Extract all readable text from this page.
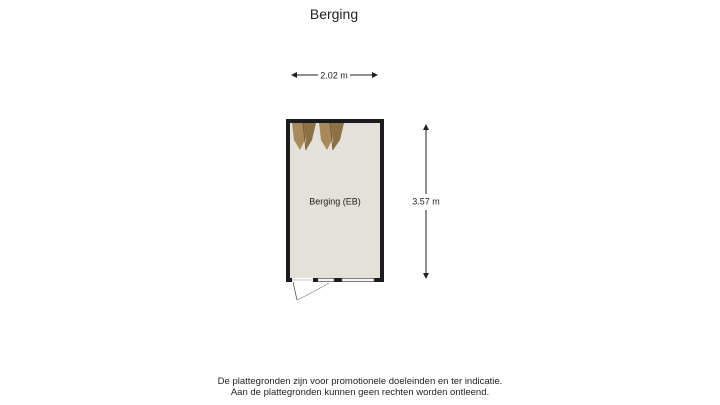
Berging
2.02 m
3.57 m
Berging (EB)
De plattegronden zijn voor promotionele doeleinden en ter indicatie.
Aan de plattegronden kunnen geen rechten worden ontleend.
